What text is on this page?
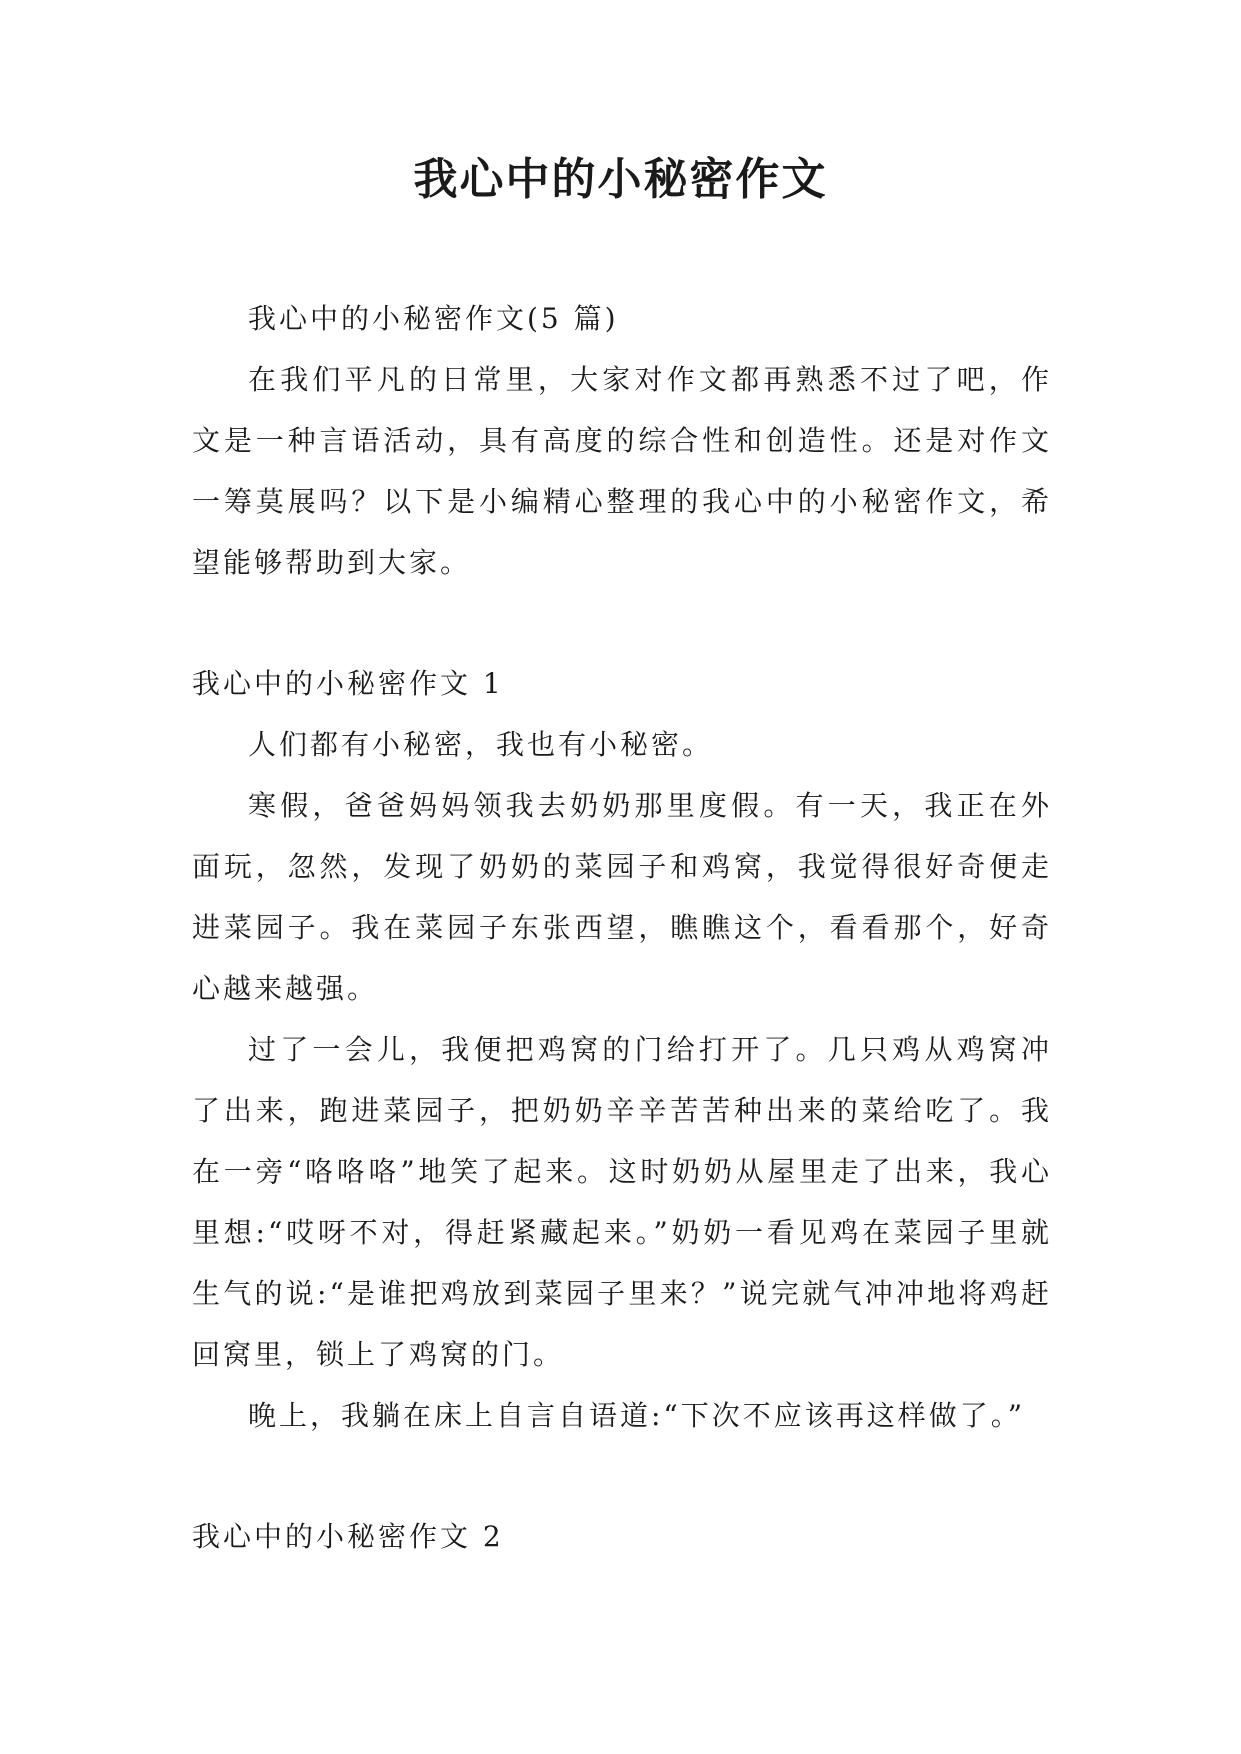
我心中的小秘密作文

我心中的小秘密作文(5 篇)

在我们平凡的日常里，大家对作文都再熟悉不过了吧，作文是一种言语活动，具有高度的综合性和创造性。还是对作文一筹莫展吗？以下是小编精心整理的我心中的小秘密作文，希望能够帮助到大家。

我心中的小秘密作文 1

人们都有小秘密，我也有小秘密。

寒假，爸爸妈妈领我去奶奶那里度假。有一天，我正在外面玩，忽然，发现了奶奶的菜园子和鸡窝，我觉得很好奇便走进菜园子。我在菜园子东张西望，瞧瞧这个，看看那个，好奇心越来越强。

过了一会儿，我便把鸡窝的门给打开了。几只鸡从鸡窝冲了出来，跑进菜园子，把奶奶辛辛苦苦种出来的菜给吃了。我在一旁“咯咯咯”地笑了起来。这时奶奶从屋里走了出来，我心里想:“哎呀不对，得赶紧藏起来。”奶奶一看见鸡在菜园子里就生气的说:“是谁把鸡放到菜园子里来？”说完就气冲冲地将鸡赶回窝里，锁上了鸡窝的门。

晚上，我躺在床上自言自语道:“下次不应该再这样做了。”

我心中的小秘密作文 2
